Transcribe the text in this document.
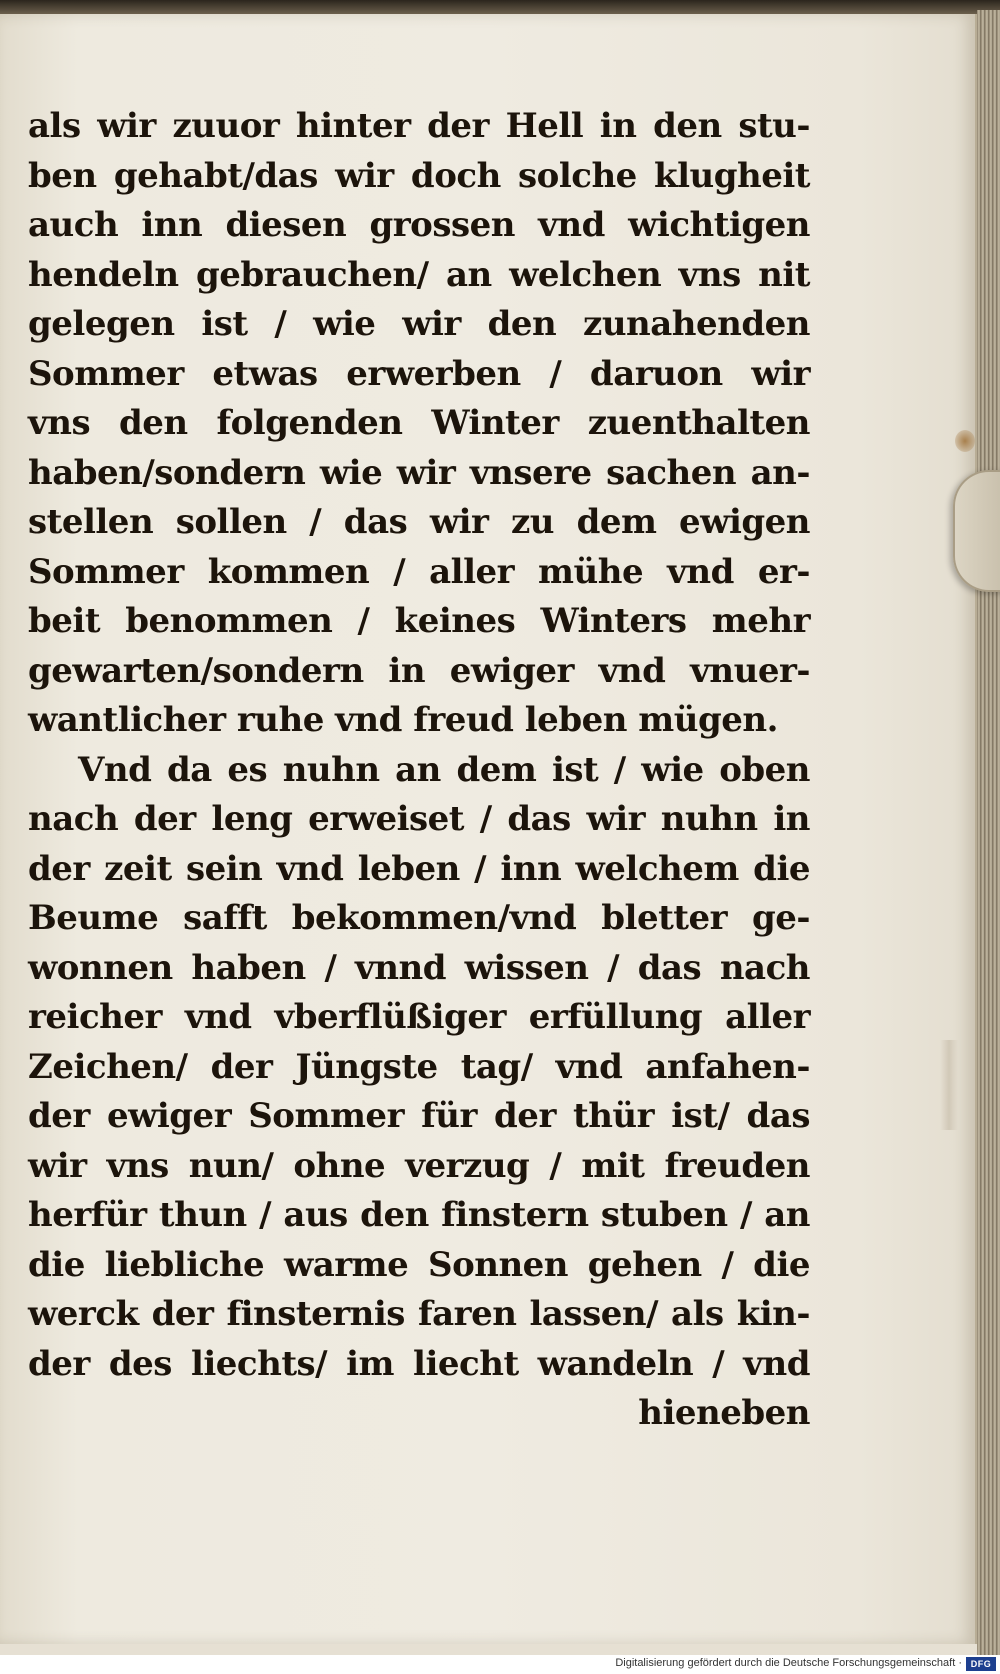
als wir zuuor hinter der Hell in den stu-
ben gehabt/das wir doch solche klugheit
auch inn diesen grossen vnd wichtigen
hendeln gebrauchen/ an welchen vns nit
gelegen ist / wie wir den zunahenden
Sommer etwas erwerben / daruon wir
vns den folgenden Winter zuenthalten
haben/sondern wie wir vnsere sachen an-
stellen sollen / das wir zu dem ewigen
Sommer kommen / aller mühe vnd er-
beit benommen / keines Winters mehr
gewarten/sondern in ewiger vnd vnuer-
wantlicher ruhe vnd freud leben mügen.
Vnd da es nuhn an dem ist / wie oben
nach der leng erweiset / das wir nuhn in
der zeit sein vnd leben / inn welchem die
Beume safft bekommen/vnd bletter ge-
wonnen haben / vnnd wissen / das nach
reicher vnd vberflüßiger erfüllung aller
Zeichen/ der Jüngste tag/ vnd anfahen-
der ewiger Sommer für der thür ist/ das
wir vns nun/ ohne verzug / mit freuden
herfür thun / aus den finstern stuben / an
die liebliche warme Sonnen gehen / die
werck der finsternis faren lassen/ als kin-
der des liechts/ im liecht wandeln / vnd
hieneben
Digitalisierung gefördert durch die Deutsche Forschungsgemeinschaft · DFG
